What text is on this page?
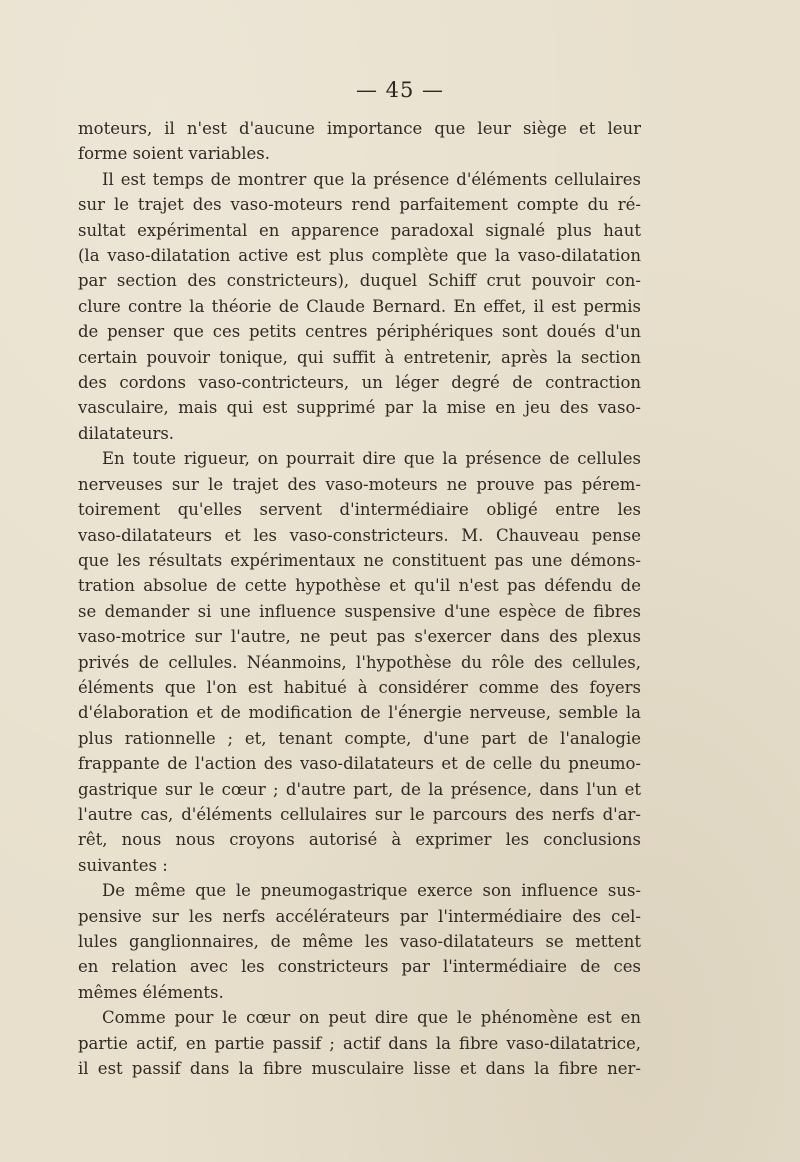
— 45 —
moteurs, il n'est d'aucune importance que leur siège et leur
forme soient variables.
Il est temps de montrer que la présence d'éléments cellulaires
sur le trajet des vaso-moteurs rend parfaitement compte du ré-
sultat expérimental en apparence paradoxal signalé plus haut
(la vaso-dilatation active est plus complète que la vaso-dilatation
par section des constricteurs), duquel Schiff crut pouvoir con-
clure contre la théorie de Claude Bernard. En effet, il est permis
de penser que ces petits centres périphériques sont doués d'un
certain pouvoir tonique, qui suffit à entretenir, après la section
des cordons vaso-contricteurs, un léger degré de contraction
vasculaire, mais qui est supprimé par la mise en jeu des vaso-
dilatateurs.
En toute rigueur, on pourrait dire que la présence de cellules
nerveuses sur le trajet des vaso-moteurs ne prouve pas pérem-
toirement qu'elles servent d'intermédiaire obligé entre les
vaso-dilatateurs et les vaso-constricteurs. M. Chauveau pense
que les résultats expérimentaux ne constituent pas une démons-
tration absolue de cette hypothèse et qu'il n'est pas défendu de
se demander si une influence suspensive d'une espèce de fibres
vaso-motrice sur l'autre, ne peut pas s'exercer dans des plexus
privés de cellules. Néanmoins, l'hypothèse du rôle des cellules,
éléments que l'on est habitué à considérer comme des foyers
d'élaboration et de modification de l'énergie nerveuse, semble la
plus rationnelle ; et, tenant compte, d'une part de l'analogie
frappante de l'action des vaso-dilatateurs et de celle du pneumo-
gastrique sur le cœur ; d'autre part, de la présence, dans l'un et
l'autre cas, d'éléments cellulaires sur le parcours des nerfs d'ar-
rêt, nous nous croyons autorisé à exprimer les conclusions
suivantes :
De même que le pneumogastrique exerce son influence sus-
pensive sur les nerfs accélérateurs par l'intermédiaire des cel-
lules ganglionnaires, de même les vaso-dilatateurs se mettent
en relation avec les constricteurs par l'intermédiaire de ces
mêmes éléments.
Comme pour le cœur on peut dire que le phénomène est en
partie actif, en partie passif ; actif dans la fibre vaso-dilatatrice,
il est passif dans la fibre musculaire lisse et dans la fibre ner-
